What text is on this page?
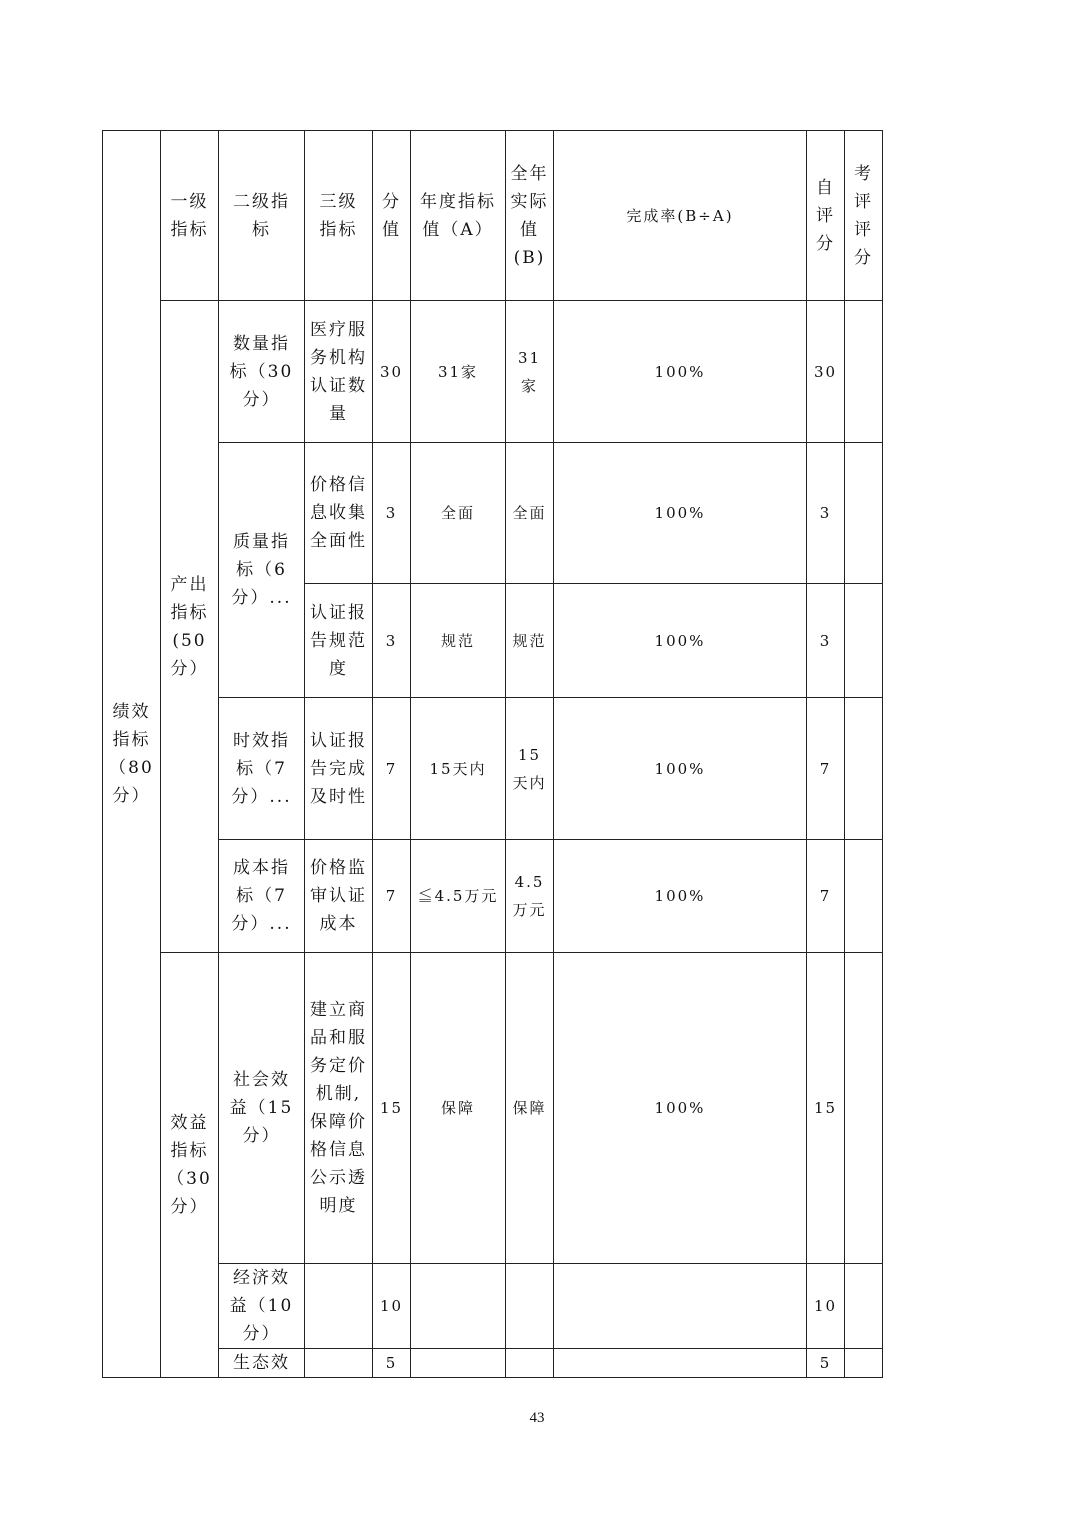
绩效指标（80分）	一级指标	二级指标	三级指标	分值	年度指标值（A）	全年实际值(B)	完成率(B÷A)	自评分	考评评分
	产出指标(50分）	数量指标（30分）	医疗服务机构认证数量	30	31家	31家	100%	30	
		质量指标（6分）...	价格信息收集全面性	3	全面	全面	100%	3	
			认证报告规范度	3	规范	规范	100%	3	
		时效指标（7分）...	认证报告完成及时性	7	15天内	15天内	100%	7	
		成本指标（7分）...	价格监审认证成本	7	≦4.5万元	4.5万元	100%	7	
	效益指标（30分）	社会效益（15分）	建立商品和服务定价机制,保障价格信息公示透明度	15	保障	保障	100%	15	
		经济效益（10分）		10				10	
		生态效		5				5	
43
